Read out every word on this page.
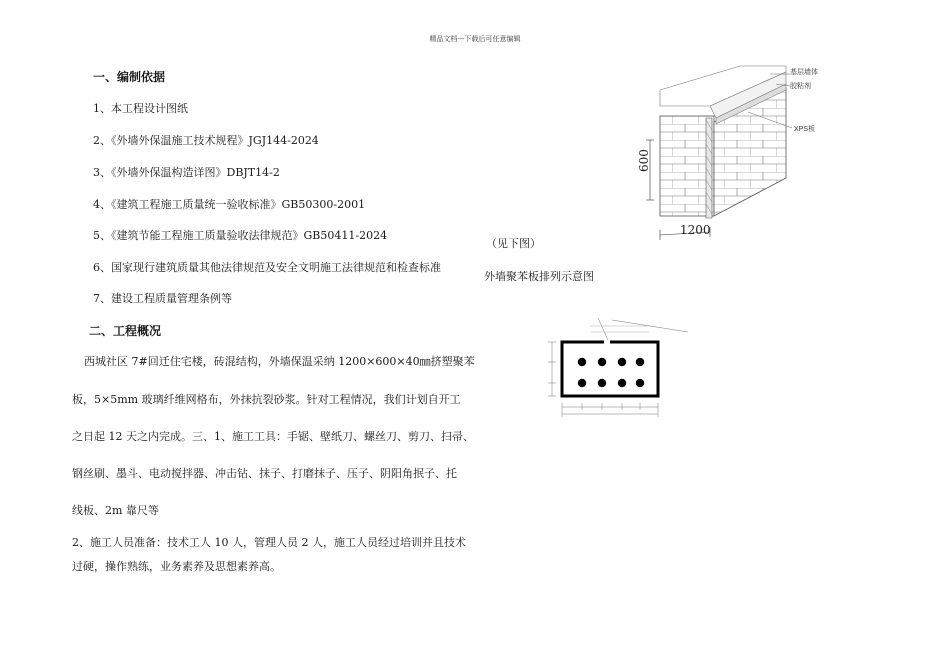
精品文档---下载后可任意编辑
一、编制依据
1、本工程设计图纸
2、《外墙外保温施工技术规程》JGJ144-2024
3、《外墙外保温构造详图》DBJT14-2
4、《建筑工程施工质量统一验收标准》GB50300-2001
5、《建筑节能工程施工质量验收法律规范》GB50411-2024
6、国家现行建筑质量其他法律规范及安全文明施工法律规范和检查标准
7、建设工程质量管理条例等
二、工程概况
西城社区 7#回迁住宅楼，砖混结构，外墙保温采纳 1200×600×40㎜挤塑聚苯
板，5×5mm 玻璃纤维网格布，外抹抗裂砂浆。针对工程情况，我们计划自开工
之日起 12 天之内完成。三、1、施工工具：手锯、壁纸刀、螺丝刀、剪刀、扫帚、
钢丝刷、墨斗、电动搅拌器、冲击钻、抹子、打磨抹子、压子、阴阳角抿子、托
线板、2m 靠尺等
2、施工人员准备：技术工人 10 人，管理人员 2 人，施工人员经过培训并且技术
过硬，操作熟练，业务素养及思想素养高。
基层墙体
胶粘剂
XPS板
600
1200
（见下图）
外墙聚苯板排列示意图
